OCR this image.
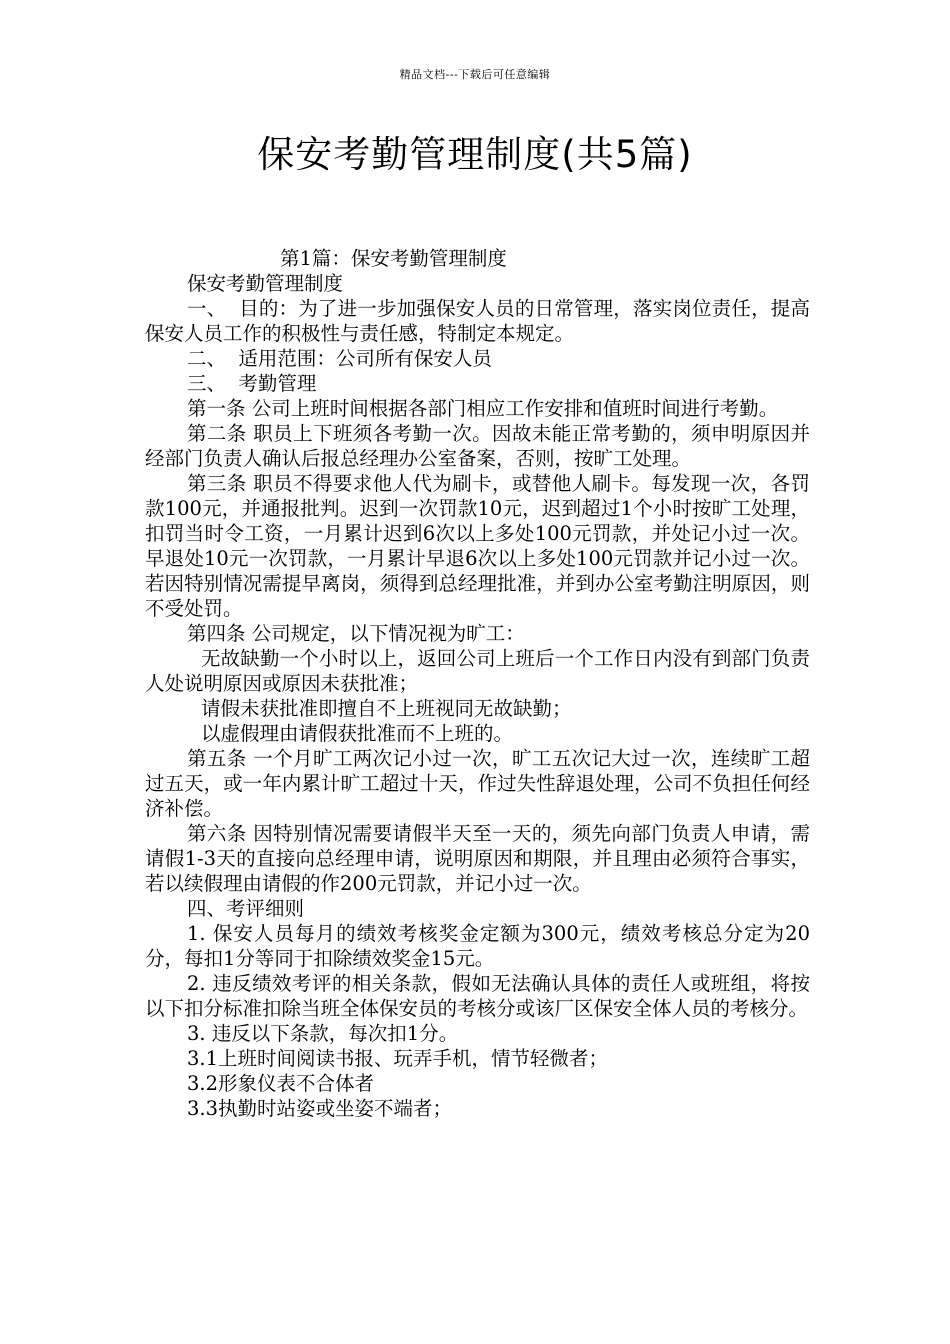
精品文档---下载后可任意编辑
保安考勤管理制度(共5篇)

第1篇：保安考勤管理制度

保安考勤管理制度

一、  目的：为了进一步加强保安人员的日常管理，落实岗位责任，提高保安人员工作的积极性与责任感，特制定本规定。

二、  适用范围：公司所有保安人员

三、  考勤管理

第一条 公司上班时间根据各部门相应工作安排和值班时间进行考勤。

第二条 职员上下班须各考勤一次。因故未能正常考勤的，须申明原因并经部门负责人确认后报总经理办公室备案，否则，按旷工处理。

第三条 职员不得要求他人代为刷卡，或替他人刷卡。每发现一次，各罚款100元，并通报批判。迟到一次罚款10元，迟到超过1个小时按旷工处理，扣罚当时令工资，一月累计迟到6次以上多处100元罚款，并处记小过一次。早退处10元一次罚款，一月累计早退6次以上多处100元罚款并记小过一次。若因特别情况需提早离岗，须得到总经理批准，并到办公室考勤注明原因，则不受处罚。

第四条 公司规定，以下情况视为旷工：

无故缺勤一个小时以上，返回公司上班后一个工作日内没有到部门负责人处说明原因或原因未获批准；

请假未获批准即擅自不上班视同无故缺勤；

以虚假理由请假获批准而不上班的。

第五条 一个月旷工两次记小过一次，旷工五次记大过一次，连续旷工超过五天，或一年内累计旷工超过十天，作过失性辞退处理，公司不负担任何经济补偿。

第六条 因特别情况需要请假半天至一天的，须先向部门负责人申请，需请假1-3天的直接向总经理申请，说明原因和期限，并且理由必须符合事实，若以续假理由请假的作200元罚款，并记小过一次。

四、考评细则

1. 保安人员每月的绩效考核奖金定额为300元，绩效考核总分定为20分，每扣1分等同于扣除绩效奖金15元。

2. 违反绩效考评的相关条款，假如无法确认具体的责任人或班组，将按以下扣分标准扣除当班全体保安员的考核分或该厂区保安全体人员的考核分。

3. 违反以下条款，每次扣1分。

3.1上班时间阅读书报、玩弄手机，情节轻微者；

3.2形象仪表不合体者

3.3执勤时站姿或坐姿不端者；
